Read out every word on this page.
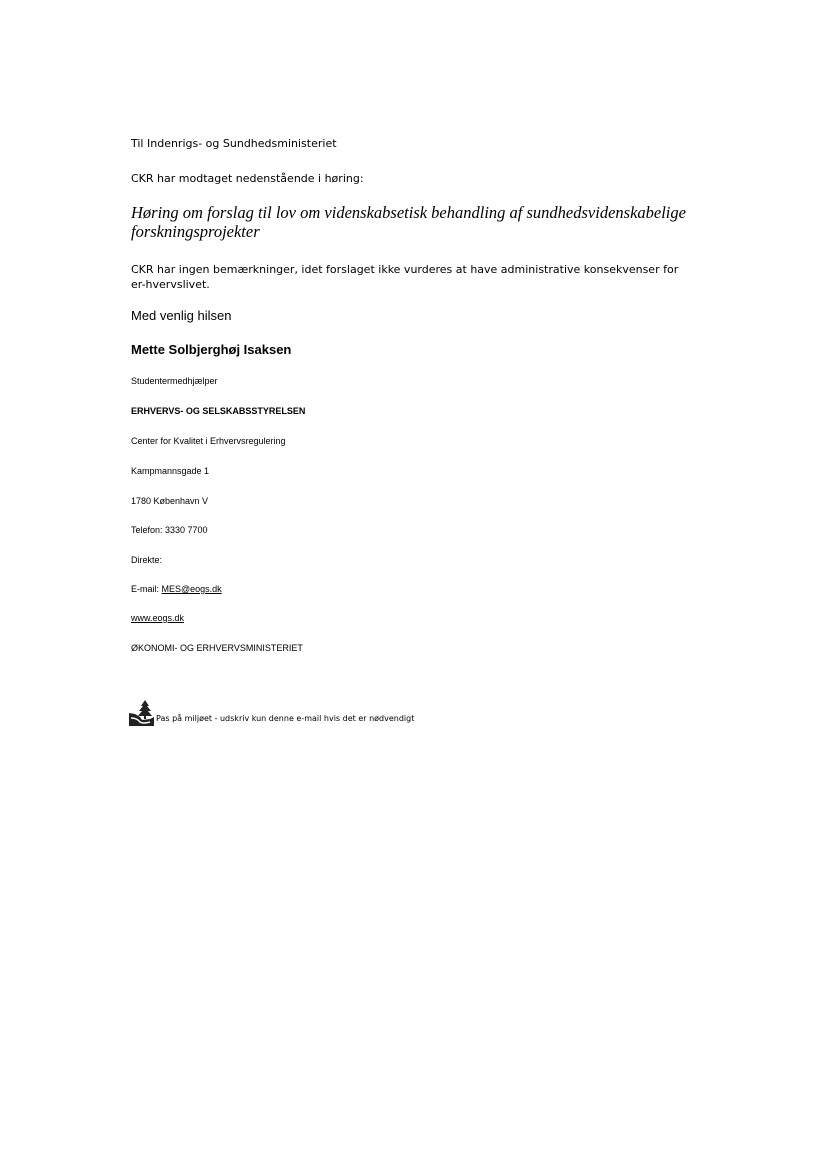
Til Indenrigs- og Sundhedsministeriet
CKR har modtaget nedenstående i høring:
Høring om forslag til lov om videnskabsetisk behandling af sundhedsvidenskabelige forskningsprojekter
CKR har ingen bemærkninger, idet forslaget ikke vurderes at have administrative konsekvenser for er-hvervslivet.
Med venlig hilsen
Mette Solbjerghøj Isaksen
Studentermedhjælper
ERHVERVS- OG SELSKABSSTYRELSEN
Center for Kvalitet i Erhvervsregulering
Kampmannsgade 1
1780 København V
Telefon: 3330 7700
Direkte:
E-mail: MES@eogs.dk
www.eogs.dk
ØKONOMI- OG ERHVERVSMINISTERIET
Pas på miljøet - udskriv kun denne e-mail hvis det er nødvendigt
